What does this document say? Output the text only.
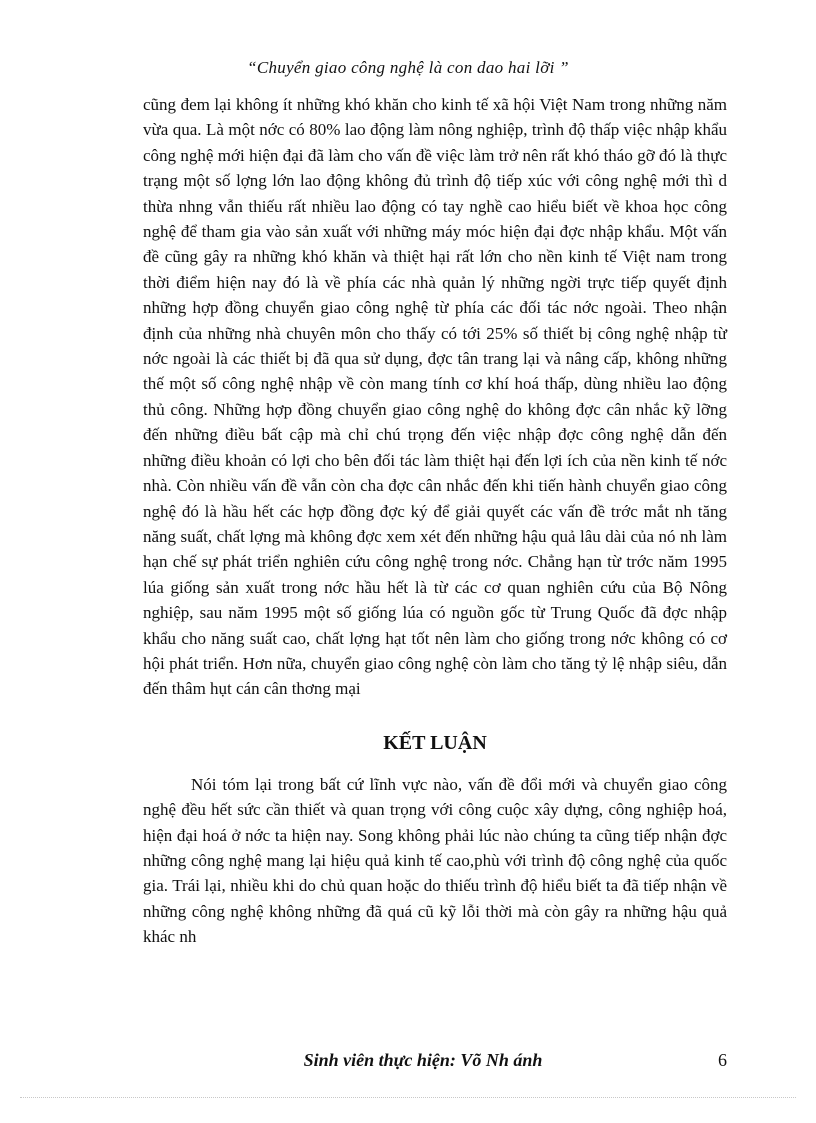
“Chuyển giao công nghệ là con dao hai lỡi ”

cũng đem lại không ít những khó khăn cho kinh tế xã hội Việt Nam trong những năm vừa qua. Là một nớc có 80% lao động làm nông nghiệp, trình độ thấp việc nhập khẩu công nghệ mới hiện đại đã làm cho vấn đề việc làm trở nên rất khó tháo gỡ đó là thực trạng một số lợng lớn lao động không đủ trình độ tiếp xúc với công nghệ mới thì d thừa nhng vẫn thiếu rất nhiều lao động có tay nghề cao hiểu biết về khoa học công nghệ để tham gia vào sản xuất với những máy móc hiện đại đợc nhập khẩu. Một vấn đề cũng gây ra những khó khăn và thiệt hại rất lớn cho nền kinh tế Việt nam trong thời điểm hiện nay đó là về phía các nhà quản lý những ngời trực tiếp quyết định những hợp đồng chuyển giao công nghệ từ phía các đối tác nớc ngoài. Theo nhận định của những nhà chuyên môn cho thấy có tới 25% số thiết bị công nghệ nhập từ nớc ngoài là các thiết bị đã qua sử dụng, đợc tân trang lại và nâng cấp, không những thế một số công nghệ nhập về còn mang tính cơ khí hoá thấp, dùng nhiều lao động thủ công. Những hợp đồng chuyển giao công nghệ do không đợc cân nhắc kỹ lỡng đến những điều bất cập mà chỉ chú trọng đến việc nhập đợc công nghệ dẫn đến những điều khoản có lợi cho bên đối tác làm thiệt hại đến lợi ích của nền kinh tế nớc nhà. Còn nhiều vấn đề vẫn còn cha đợc cân nhắc đến khi tiến hành chuyển giao công nghệ đó là hầu hết các hợp đồng đợc ký để giải quyết các vấn đề trớc mắt nh tăng năng suất, chất lợng mà không đợc xem xét đến những hậu quả lâu dài của nó nh làm hạn chế sự phát triển nghiên cứu công nghệ trong nớc. Chẳng hạn từ trớc năm 1995 lúa giống sản xuất trong nớc hầu hết là từ các cơ quan nghiên cứu của Bộ Nông nghiệp, sau năm 1995 một số giống lúa có nguồn gốc từ Trung Quốc đã đợc nhập khẩu cho năng suất cao, chất lợng hạt tốt nên làm cho giống trong nớc không có cơ hội phát triển. Hơn nữa, chuyển giao công nghệ còn làm cho tăng tỷ lệ nhập siêu, dẫn đến thâm hụt cán cân thơng mại

KẾT LUẬN

Nói tóm lại trong bất cứ lĩnh vực nào, vấn đề đổi mới và chuyển giao công nghệ đều hết sức cần thiết và quan trọng với công cuộc xây dựng, công nghiệp hoá, hiện đại hoá ở nớc ta hiện nay. Song không phải lúc nào chúng ta cũng tiếp nhận đợc những công nghệ mang lại hiệu quả kinh tế cao,phù với trình độ công nghệ của quốc gia. Trái lại, nhiều khi do chủ quan hoặc do thiếu trình độ hiểu biết ta đã tiếp nhận về những công nghệ không những đã quá cũ kỹ lỗi thời mà còn gây ra những hậu quả khác nh

Sinh viên thực hiện: Võ Nh ánh	6
